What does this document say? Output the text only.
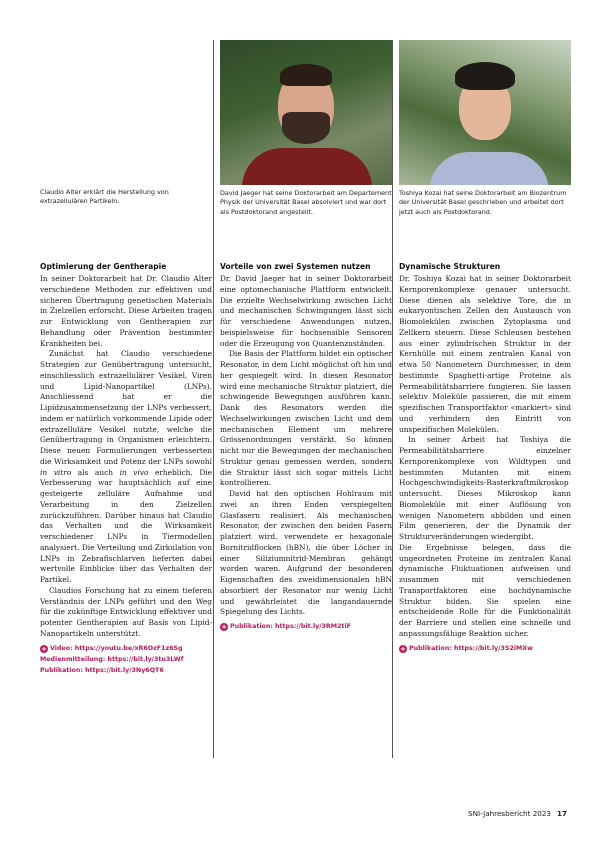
Claudio Alter erklärt die Herstellung von extrazellulären Partikeln.
David Jaeger hat seine Doktorarbeit am Departement Physik der Universität Basel absolviert und war dort als Postdoktorand angestellt.
Toshiya Kozai hat seine Doktorarbeit am Biozentrum der Universität Basel geschrieben und arbeitet dort jetzt auch als Postdoktorand.
Optimierung der Gentherapie

In seiner Doktorarbeit hat Dr. Claudio Alter verschiedene Methoden zur effektiven und sicheren Übertragung genetischen Materials in Zielzellen erforscht. Diese Arbeiten tragen zur Entwicklung von Gentherapien zur Behandlung oder Prävention bestimmter Krankheiten bei.

Zunächst hat Claudio verschiedene Strategien zur Genübertragung untersucht, einschliesslich extrazellulärer Vesikel, Viren und Lipid-Nanopartikel (LNPs). Anschliessend hat er die Lipidzusammensetzung der LNPs verbessert, indem er natürlich vorkommende Lipide oder extrazelluläre Vesikel nutzte, welche die Genübertragung in Organismen erleichtern. Diese neuen Formulierungen verbesserten die Wirksamkeit und Potenz der LNPs sowohl in vitro als auch in vivo erheblich. Die Verbesserung war hauptsächlich auf eine gesteigerte zelluläre Aufnahme und Verarbeitung in den Zielzellen zurückzuführen. Darüber hinaus hat Claudio das Verhalten und die Wirksamkeit verschiedener LNPs in Tiermodellen analysiert. Die Verteilung und Zirkulation von LNPs in Zebrafischlarven lieferten dabei wertvolle Einblicke über das Verhalten der Partikel.

Claudios Forschung hat zu einem tieferen Verständnis der LNPs geführt und den Weg für die zukünftige Entwicklung effektiver und potenter Gentherapien auf Basis von Lipid-Nanopartikeln unterstützt.

+ Video: https://youtu.be/xR6OzF1z6Sg
Medienmitteilung: https://bit.ly/3tu3LWf
Publikation: https://bit.ly/3Ny6QT6
Vorteile von zwei Systemen nutzen

Dr. David Jaeger hat in seiner Doktorarbeit eine optomechanische Plattform entwickelt. Die erzielte Wechselwirkung zwischen Licht und mechanischen Schwingungen lässt sich für verschiedene Anwendungen nutzen, beispielsweise für hochsensible Sensoren oder die Erzeugung von Quantenzuständen.

Die Basis der Plattform bildet ein optischer Resonator, in dem Licht möglichst oft hin und her gespiegelt wird. In diesen Resonator wird eine mechanische Struktur platziert, die schwingende Bewegungen ausführen kann. Dank des Resonators werden die Wechselwirkungen zwischen Licht und dem mechanischen Element um mehrere Grössenordnungen verstärkt. So können nicht nur die Bewegungen der mechanischen Struktur genau gemessen werden, sondern die Struktur lässt sich sogar mittels Licht kontrollieren.

David hat den optischen Hohlraum mit zwei an ihren Enden verspiegelten Glasfasern realisiert. Als mechanischen Resonator, der zwischen den beiden Fasern platziert wird, verwendete er hexagonale Bornitridflocken (hBN), die über Löcher in einer Siliziumnitrid-Membran gehängt worden waren. Aufgrund der besonderen Eigenschaften des zweidimensionalen hBN absorbiert der Resonator nur wenig Licht und gewährleistet die langandauernde Spiegelung des Lichts.

+ Publikation: https://bit.ly/3RM2tiF
Dynamische Strukturen

Dr. Toshiya Kozai hat in seiner Doktorarbeit Kernporenkomplexe genauer untersucht. Diese dienen als selektive Tore, die in eukaryontischen Zellen den Austausch von Biomolekülen zwischen Zytoplasma und Zellkern steuern. Diese Schleusen bestehen aus einer zylindrischen Struktur in der Kernhülle mit einem zentralen Kanal von etwa 50 Nanometern Durchmesser, in dem bestimmte Spaghetti-artige Proteine als Permeabilitätsbarriere fungieren. Sie lassen selektiv Moleküle passieren, die mit einem spezifischen Transportfaktor «markiert» sind und verhindern den Eintritt von unspezifischen Molekülen.

In seiner Arbeit hat Toshiya die Permeabilitätsbarriere einzelner Kernporenkomplexe von Wildtypen und bestimmten Mutanten mit einem Hochgeschwindigkeits-Rasterkraftmikroskop untersucht. Dieses Mikroskop kann Biomoleküle mit einer Auflösung von wenigen Nanometern abbilden und einen Film generieren, der die Dynamik der Strukturveränderungen wiedergibt.

Die Ergebnisse belegen, dass die ungeordneten Proteine im zentralen Kanal dynamische Fluktuationen aufweisen und zusammen mit verschiedenen Transportfaktoren eine hochdynamische Struktur bilden. Sie spielen eine entscheidende Rolle für die Funktionalität der Barriere und stellen eine schnelle und anpassungsfähige Reaktion sicher.

+ Publikation: https://bit.ly/3S2iMXw
SNI-Jahresbericht 2023 17
